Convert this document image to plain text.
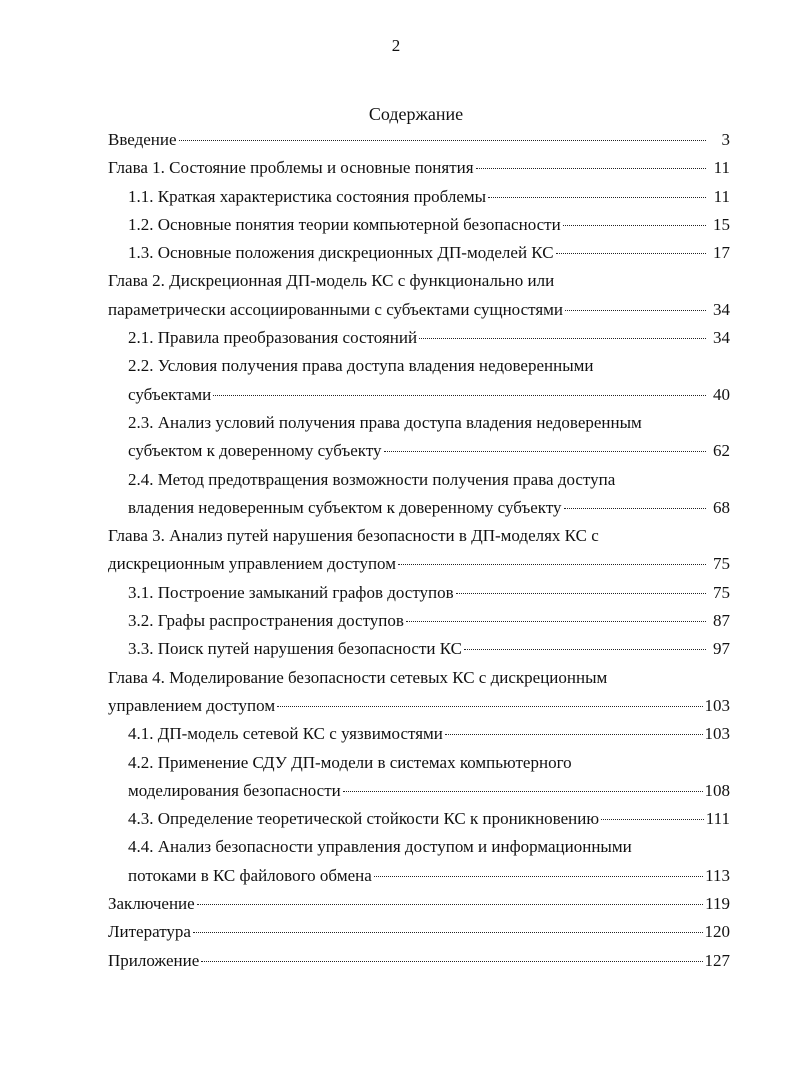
2
Содержание
Введение	3
Глава 1. Состояние проблемы и основные понятия	11
1.1. Краткая характеристика состояния проблемы	11
1.2. Основные понятия теории компьютерной безопасности	15
1.3. Основные положения дискреционных ДП-моделей КС	17
Глава 2. Дискреционная ДП-модель КС с функционально или
параметрически ассоциированными с субъектами сущностями	34
2.1. Правила преобразования состояний	34
2.2. Условия получения права доступа владения недоверенными
субъектами	40
2.3. Анализ условий получения права доступа владения недоверенным
субъектом к доверенному субъекту	62
2.4. Метод предотвращения возможности получения права доступа
владения недоверенным субъектом к доверенному субъекту	68
Глава 3. Анализ путей нарушения безопасности в ДП-моделях КС с
дискреционным управлением доступом	75
3.1. Построение замыканий графов доступов	75
3.2. Графы распространения доступов	87
3.3. Поиск путей нарушения безопасности КС	97
Глава 4. Моделирование безопасности сетевых КС с дискреционным
управлением доступом	103
4.1. ДП-модель сетевой КС с уязвимостями	103
4.2. Применение СДУ ДП-модели в системах компьютерного
моделирования безопасности	108
4.3. Определение теоретической стойкости КС к проникновению	111
4.4. Анализ безопасности управления доступом и информационными
потоками в КС файлового обмена	113
Заключение	119
Литература	120
Приложение	127
